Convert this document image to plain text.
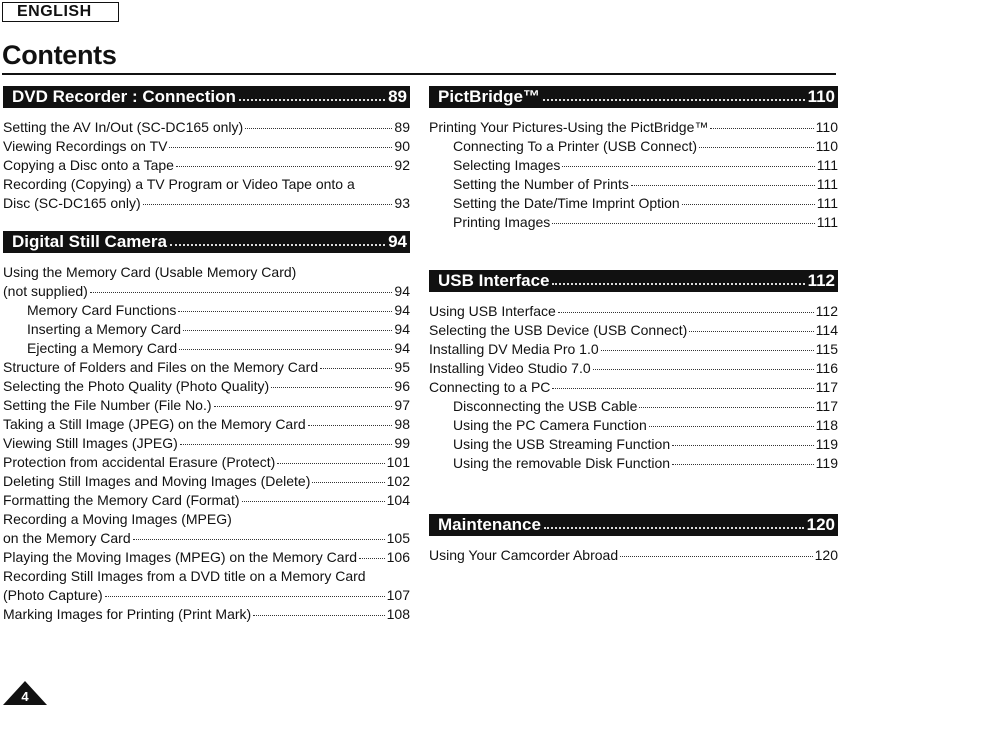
ENGLISH
Contents
DVD Recorder : Connection	89
Setting the AV In/Out (SC-DC165 only)	89
Viewing Recordings on TV	90
Copying a Disc onto a Tape	92
Recording (Copying) a TV Program or Video Tape onto a
Disc (SC-DC165 only)	93
Digital Still Camera	94
Using the Memory Card (Usable Memory Card)
(not supplied)	94
Memory Card Functions	94
Inserting a Memory Card	94
Ejecting a Memory Card	94
Structure of Folders and Files on the Memory Card	95
Selecting the Photo Quality (Photo Quality)	96
Setting the File Number (File No.)	97
Taking a Still Image (JPEG) on the Memory Card	98
Viewing Still Images (JPEG)	99
Protection from accidental Erasure (Protect)	101
Deleting Still Images and Moving Images (Delete)	102
Formatting the Memory Card (Format)	104
Recording a Moving Images (MPEG)
on the Memory Card	105
Playing the Moving Images (MPEG) on the Memory Card 106
Recording Still Images from a DVD title on a Memory Card
(Photo Capture)	107
Marking Images for Printing (Print Mark)	108
PictBridge™	110
Printing Your Pictures-Using the PictBridge™	110
Connecting To a Printer (USB Connect)	110
Selecting Images	111
Setting the Number of Prints	111
Setting the Date/Time Imprint Option	111
Printing Images	111
USB Interface	112
Using USB Interface	112
Selecting the USB Device (USB Connect)	114
Installing DV Media Pro 1.0	115
Installing Video Studio 7.0	116
Connecting to a PC	117
Disconnecting the USB Cable	117
Using the PC Camera Function	118
Using the USB Streaming Function	119
Using the removable Disk Function	119
Maintenance	120
Using Your Camcorder Abroad	120
4
